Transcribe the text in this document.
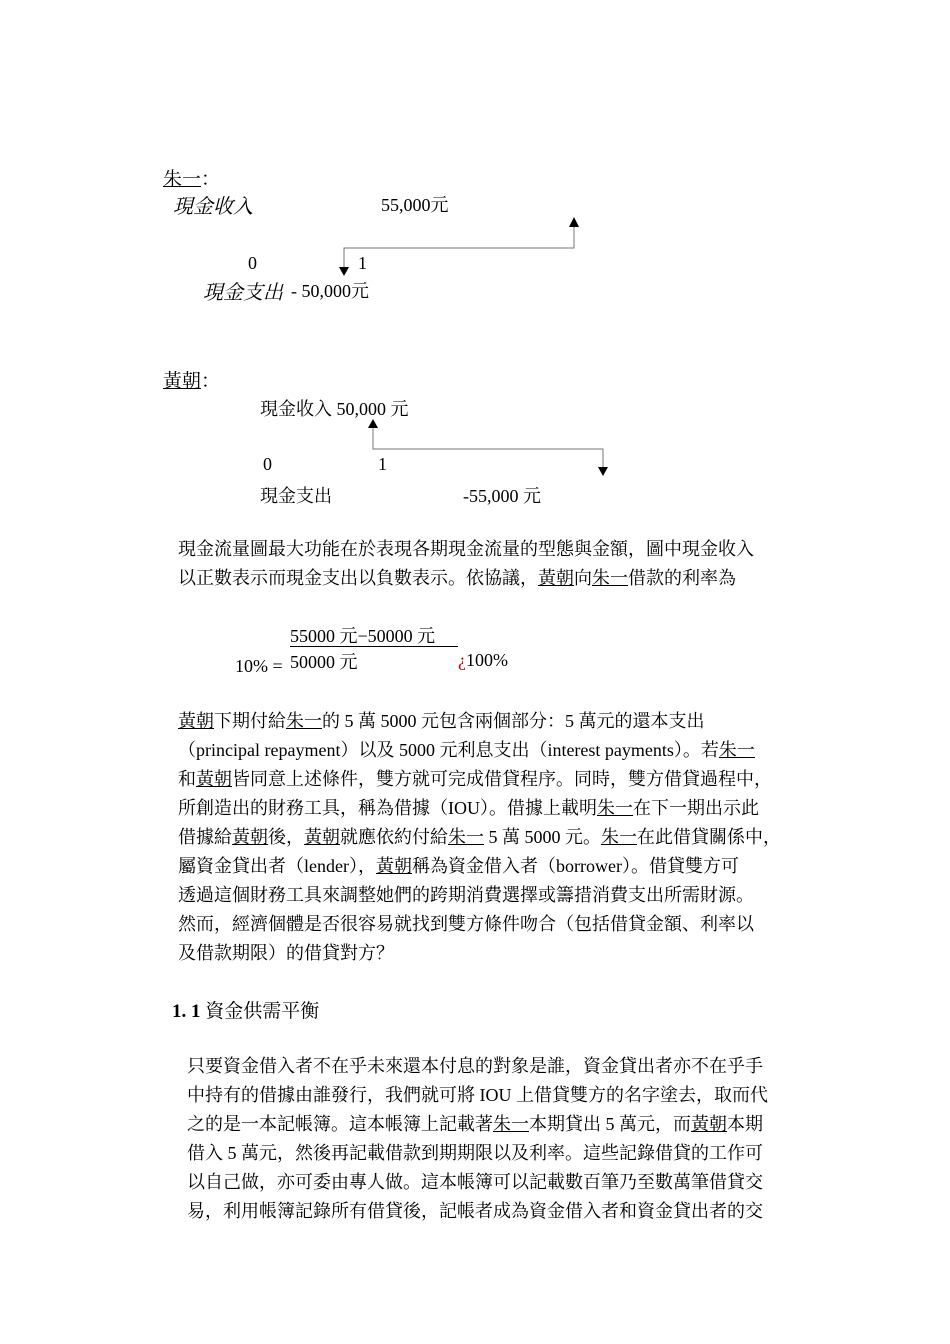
朱一：
現金收入	55,000元
0	1
現金支出 - 50,000元
黃朝：
現金收入 50,000 元
0	1
現金支出	-55,000 元
現金流量圖最大功能在於表現各期現金流量的型態與金額，圖中現金收入
以正數表示而現金支出以負數表示。依協議，黃朝向朱一借款的利率為
10% =
55000 元−50000 元
50000 元	¿100%
黃朝下期付給朱一的 5 萬 5000 元包含兩個部分：5 萬元的還本支出
（principal repayment）以及 5000 元利息支出（interest payments）。若朱一
和黃朝皆同意上述條件，雙方就可完成借貸程序。同時，雙方借貸過程中，
所創造出的財務工具，稱為借據（IOU）。借據上載明朱一在下一期出示此
借據給黃朝後，黃朝就應依約付給朱一 5 萬 5000 元。朱一在此借貸關係中，
屬資金貸出者（lender），黃朝稱為資金借入者（borrower）。借貸雙方可
透過這個財務工具來調整她們的跨期消費選擇或籌措消費支出所需財源。
然而，經濟個體是否很容易就找到雙方條件吻合（包括借貸金額、利率以
及借款期限）的借貸對方？
1. 1 資金供需平衡
只要資金借入者不在乎未來還本付息的對象是誰，資金貸出者亦不在乎手
中持有的借據由誰發行，我們就可將 IOU 上借貸雙方的名字塗去，取而代
之的是一本記帳簿。這本帳簿上記載著朱一本期貸出 5 萬元，而黃朝本期
借入 5 萬元，然後再記載借款到期期限以及利率。這些記錄借貸的工作可
以自己做，亦可委由專人做。這本帳簿可以記載數百筆乃至數萬筆借貸交
易，利用帳簿記錄所有借貸後，記帳者成為資金借入者和資金貸出者的交
